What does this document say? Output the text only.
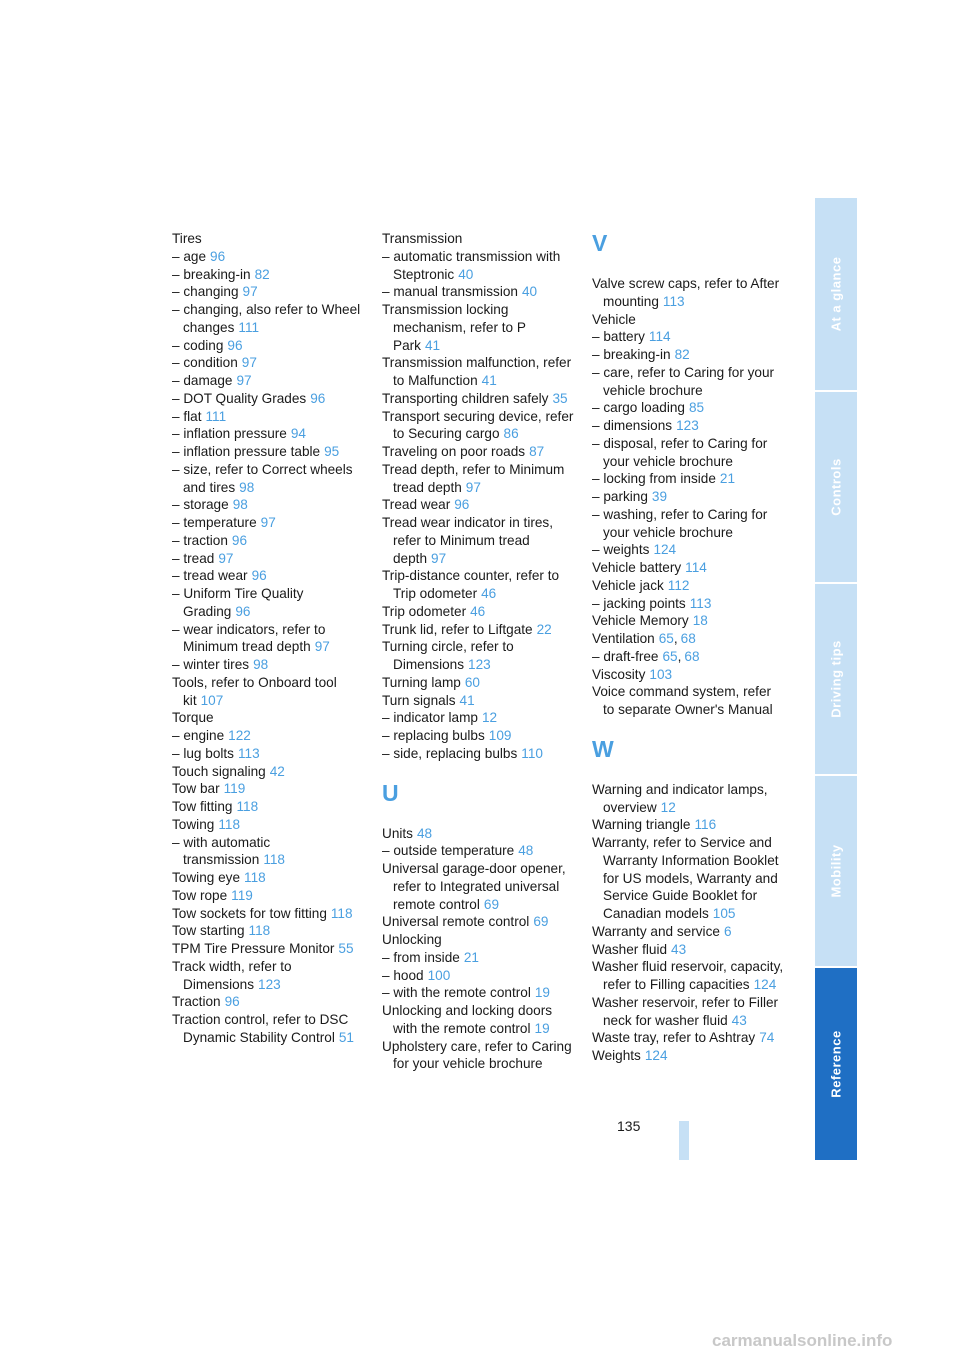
Tires
– age 96
– breaking-in 82
– changing 97
– changing, also refer to Wheel changes 111
– coding 96
– condition 97
– damage 97
– DOT Quality Grades 96
– flat 111
– inflation pressure 94
– inflation pressure table 95
– size, refer to Correct wheels and tires 98
– storage 98
– temperature 97
– traction 96
– tread 97
– tread wear 96
– Uniform Tire Quality Grading 96
– wear indicators, refer to Minimum tread depth 97
– winter tires 98
Tools, refer to Onboard tool kit 107
Torque
– engine 122
– lug bolts 113
Touch signaling 42
Tow bar 119
Tow fitting 118
Towing 118
– with automatic transmission 118
Towing eye 118
Tow rope 119
Tow sockets for tow fitting 118
Tow starting 118
TPM Tire Pressure Monitor 55
Track width, refer to Dimensions 123
Traction 96
Traction control, refer to DSC Dynamic Stability Control 51
Transmission
– automatic transmission with Steptronic 40
– manual transmission 40
Transmission locking mechanism, refer to P Park 41
Transmission malfunction, refer to Malfunction 41
Transporting children safely 35
Transport securing device, refer to Securing cargo 86
Traveling on poor roads 87
Tread depth, refer to Minimum tread depth 97
Tread wear 96
Tread wear indicator in tires, refer to Minimum tread depth 97
Trip-distance counter, refer to Trip odometer 46
Trip odometer 46
Trunk lid, refer to Liftgate 22
Turning circle, refer to Dimensions 123
Turning lamp 60
Turn signals 41
– indicator lamp 12
– replacing bulbs 109
– side, replacing bulbs 110
U
Units 48
– outside temperature 48
Universal garage-door opener, refer to Integrated universal remote control 69
Universal remote control 69
Unlocking
– from inside 21
– hood 100
– with the remote control 19
Unlocking and locking doors with the remote control 19
Upholstery care, refer to Caring for your vehicle brochure
V
Valve screw caps, refer to After mounting 113
Vehicle
– battery 114
– breaking-in 82
– care, refer to Caring for your vehicle brochure
– cargo loading 85
– dimensions 123
– disposal, refer to Caring for your vehicle brochure
– locking from inside 21
– parking 39
– washing, refer to Caring for your vehicle brochure
– weights 124
Vehicle battery 114
Vehicle jack 112
– jacking points 113
Vehicle Memory 18
Ventilation 65, 68
– draft-free 65, 68
Viscosity 103
Voice command system, refer to separate Owner's Manual
W
Warning and indicator lamps, overview 12
Warning triangle 116
Warranty, refer to Service and Warranty Information Booklet for US models, Warranty and Service Guide Booklet for Canadian models 105
Warranty and service 6
Washer fluid 43
Washer fluid reservoir, capacity, refer to Filling capacities 124
Washer reservoir, refer to Filler neck for washer fluid 43
Waste tray, refer to Ashtray 74
Weights 124
At a glance
Controls
Driving tips
Mobility
Reference
135
carmanualsonline.info
